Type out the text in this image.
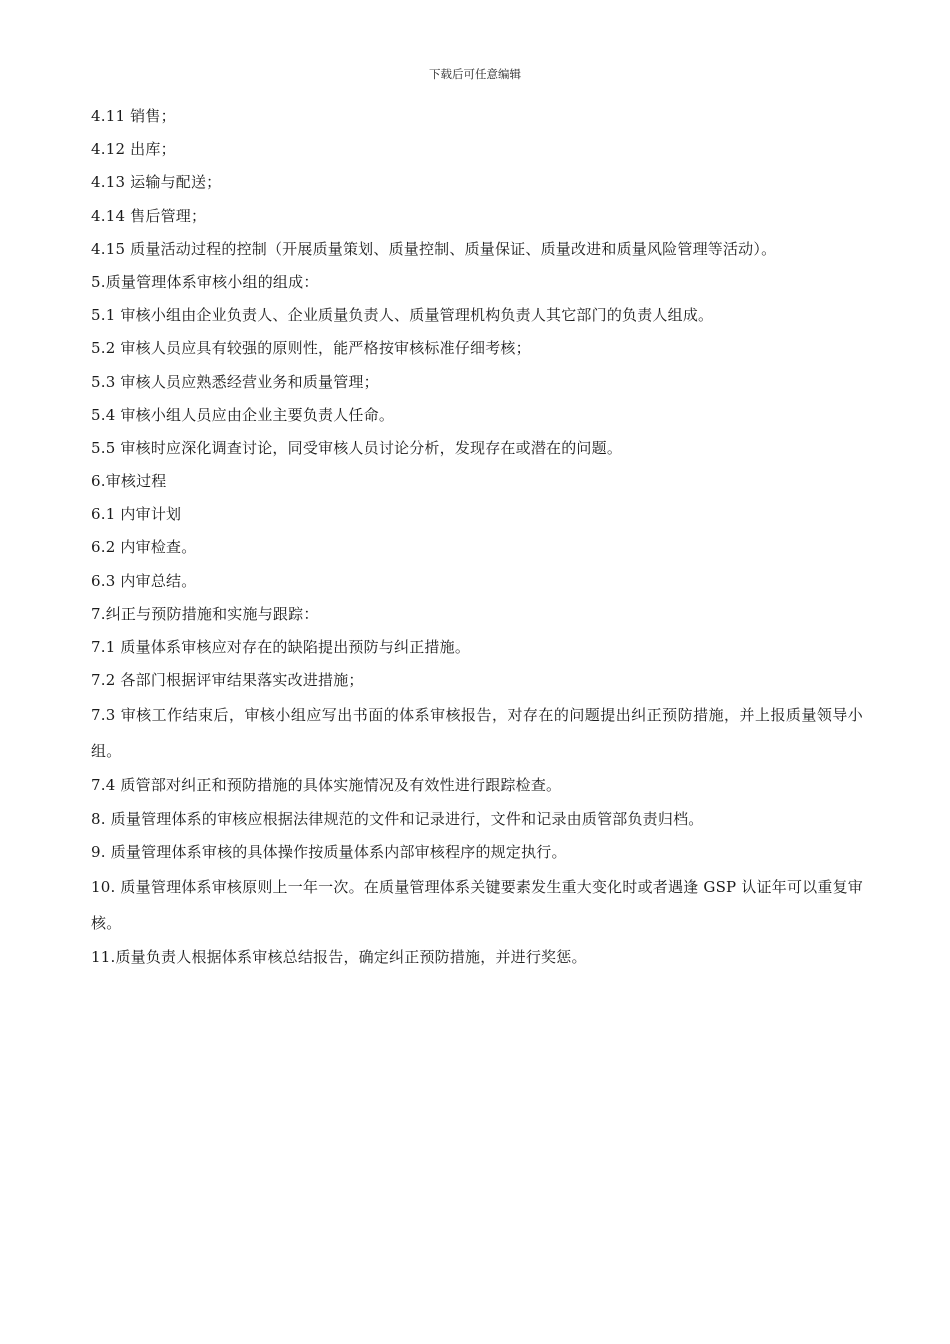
下载后可任意编辑
4.11 销售；
4.12 出库；
4.13 运输与配送；
4.14 售后管理；
4.15 质量活动过程的控制（开展质量策划、质量控制、质量保证、质量改进和质量风险管理等活动）。
5.质量管理体系审核小组的组成：
5.1 审核小组由企业负责人、企业质量负责人、质量管理机构负责人其它部门的负责人组成。
5.2 审核人员应具有较强的原则性，能严格按审核标准仔细考核；
5.3 审核人员应熟悉经营业务和质量管理；
5.4 审核小组人员应由企业主要负责人任命。
5.5 审核时应深化调查讨论，同受审核人员讨论分析，发现存在或潜在的问题。
6.审核过程
6.1 内审计划
6.2 内审检查。
6.3 内审总结。
7.纠正与预防措施和实施与跟踪：
7.1 质量体系审核应对存在的缺陷提出预防与纠正措施。
7.2 各部门根据评审结果落实改进措施；
7.3 审核工作结束后，审核小组应写出书面的体系审核报告，对存在的问题提出纠正预防措施，并上报质量领导小组。
7.4 质管部对纠正和预防措施的具体实施情况及有效性进行跟踪检查。
8. 质量管理体系的审核应根据法律规范的文件和记录进行，文件和记录由质管部负责归档。
9. 质量管理体系审核的具体操作按质量体系内部审核程序的规定执行。
10. 质量管理体系审核原则上一年一次。在质量管理体系关键要素发生重大变化时或者遇逢 GSP 认证年可以重复审核。
11.质量负责人根据体系审核总结报告，确定纠正预防措施，并进行奖惩。
